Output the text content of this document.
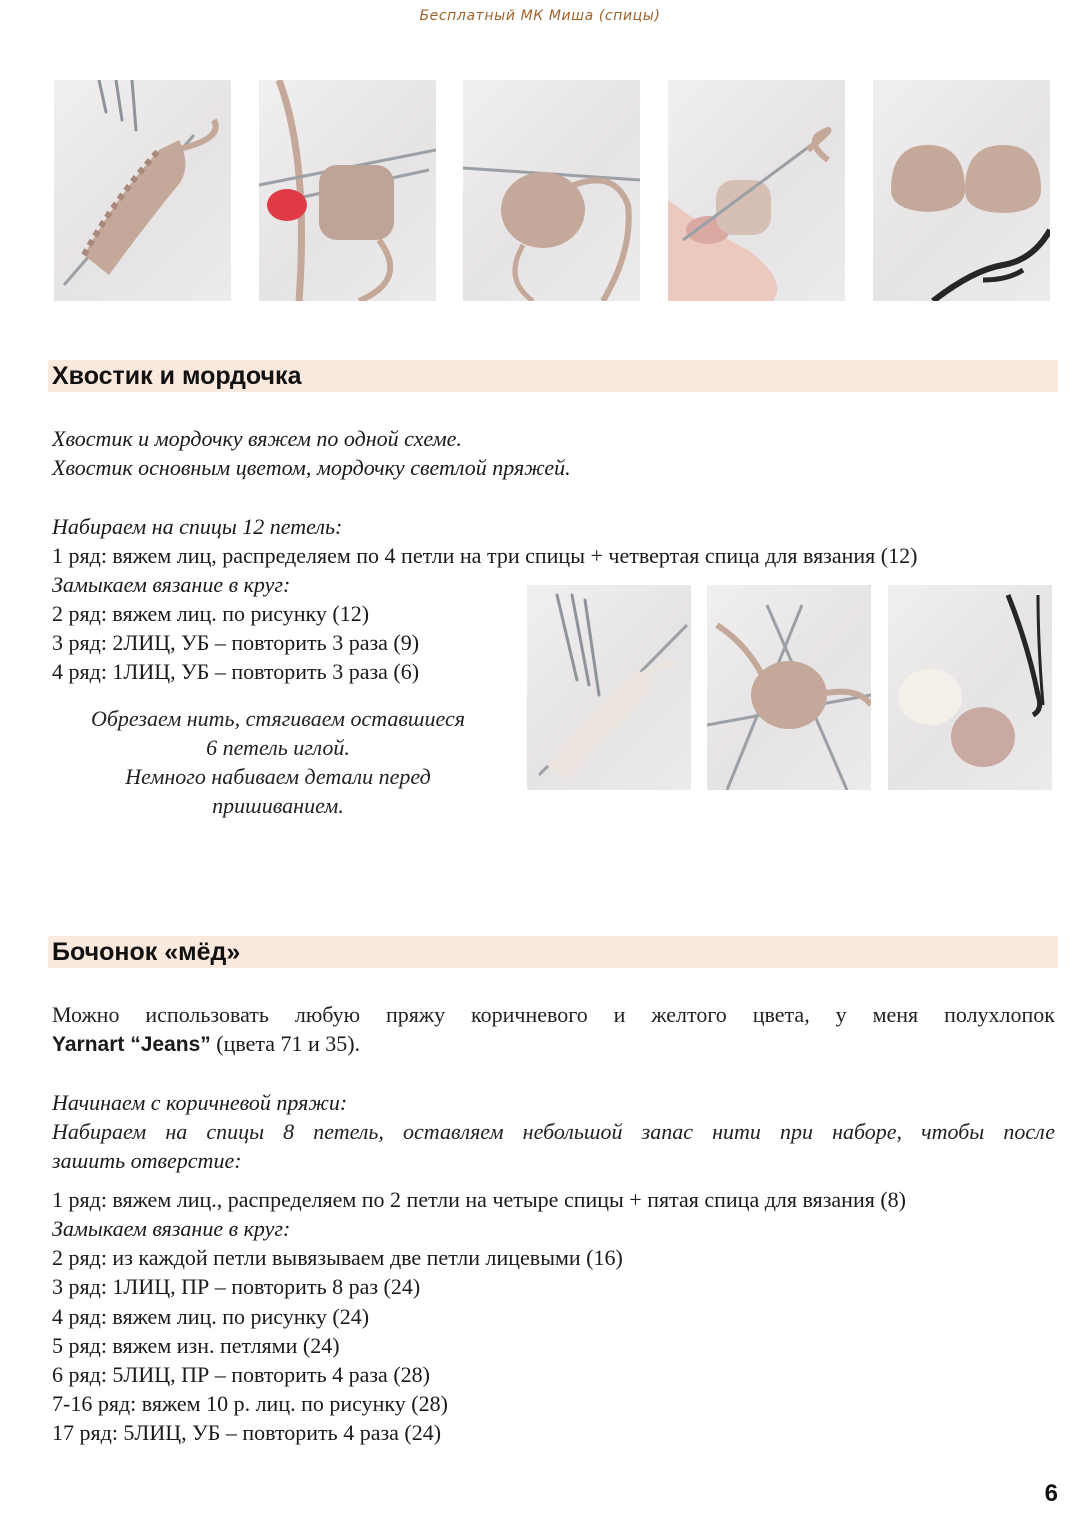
Бесплатный МК Миша (спицы)
Хвостик и мордочка
Хвостик и мордочку вяжем по одной схеме.
Хвостик основным цветом, мордочку светлой пряжей.
Набираем на спицы 12 петель:
1 ряд: вяжем лиц, распределяем по 4 петли на три спицы + четвертая спица для вязания (12)
Замыкаем вязание в круг:
2 ряд: вяжем лиц. по рисунку (12)
3 ряд: 2ЛИЦ, УБ – повторить 3 раза (9)
4 ряд: 1ЛИЦ, УБ – повторить 3 раза (6)
Обрезаем нить, стягиваем оставшиеся
6 петель иглой.
Немного набиваем детали перед
пришиванием.
Бочонок «мёд»
Можно использовать любую пряжу коричневого и желтого цвета, у меня полухлопок
Yarnart “Jeans” (цвета 71 и 35).
Начинаем с коричневой пряжи:
Набираем на спицы 8 петель, оставляем небольшой запас нити при наборе, чтобы после
зашить отверстие:
1 ряд: вяжем лиц., распределяем по 2 петли на четыре спицы + пятая спица для вязания (8)
Замыкаем вязание в круг:
2 ряд: из каждой петли вывязываем две петли лицевыми (16)
3 ряд: 1ЛИЦ, ПР – повторить 8 раз (24)
4 ряд: вяжем лиц. по рисунку (24)
5 ряд: вяжем изн. петлями (24)
6 ряд: 5ЛИЦ, ПР – повторить 4 раза (28)
7-16 ряд: вяжем 10 р. лиц. по рисунку (28)
17 ряд: 5ЛИЦ, УБ – повторить 4 раза (24)
6
